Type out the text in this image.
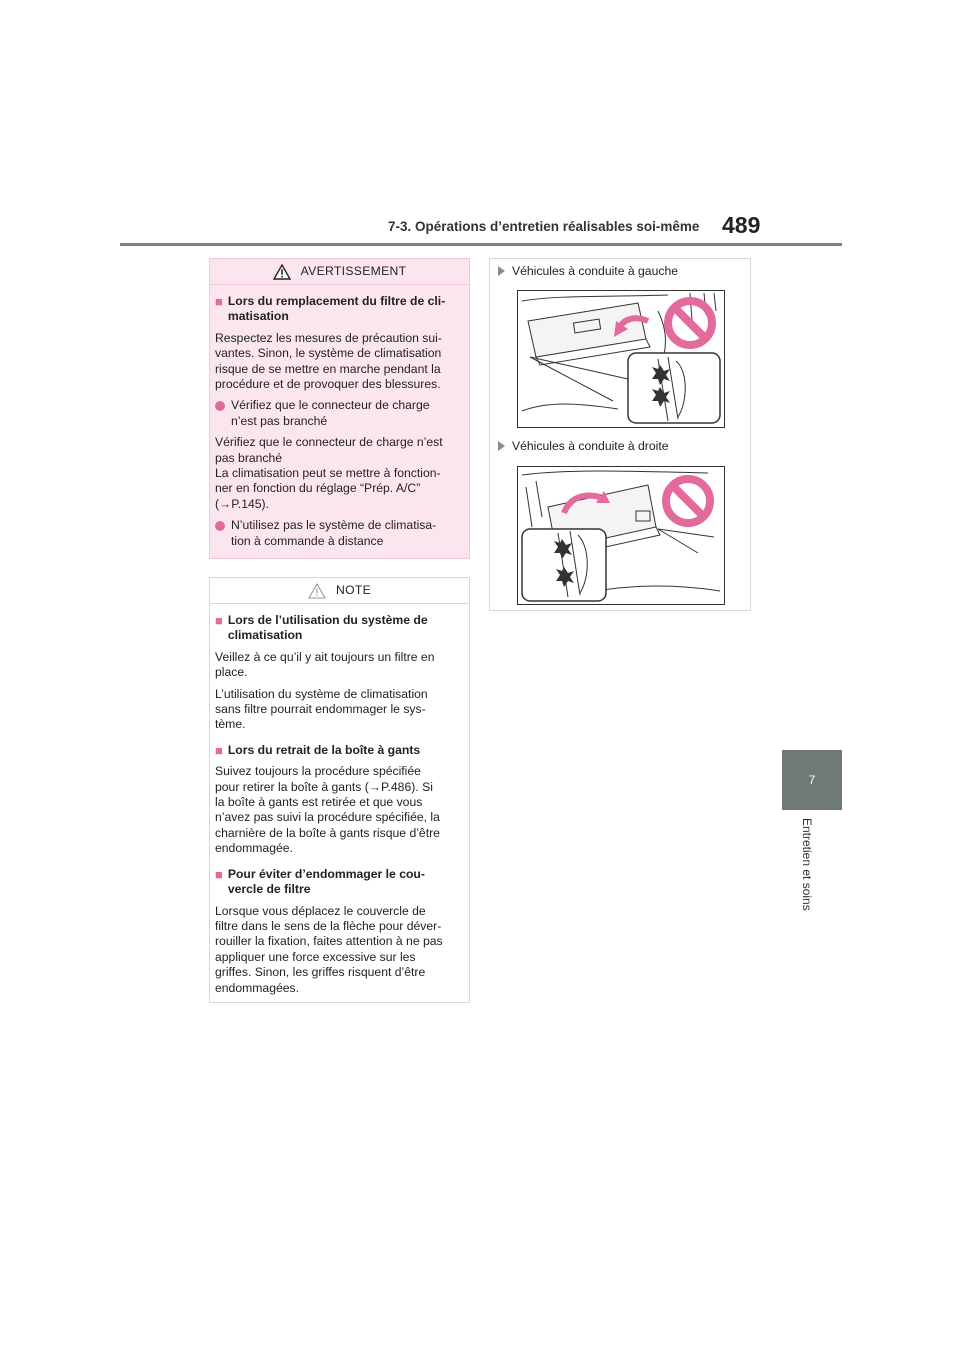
7-3. Opérations d’entretien réalisables soi-même 489
7
Entretien et soins
AVERTISSEMENT
■ Lors du remplacement du filtre de cli-
matisation

Respectez les mesures de précaution sui-
vantes. Sinon, le système de climatisation
risque de se mettre en marche pendant la
procédure et de provoquer des blessures.

Vérifiez que le connecteur de charge
n’est pas branché

Vérifiez que le connecteur de charge n’est
pas branché
La climatisation peut se mettre à fonction-
ner en fonction du réglage “Prép. A/C”
(→P.145).

N’utilisez pas le système de climatisa-
tion à commande à distance
NOTE
■ Lors de l’utilisation du système de
climatisation

Veillez à ce qu’il y ait toujours un filtre en
place.

L’utilisation du système de climatisation
sans filtre pourrait endommager le sys-
tème.

■ Lors du retrait de la boîte à gants

Suivez toujours la procédure spécifiée
pour retirer la boîte à gants (→P.486). Si
la boîte à gants est retirée et que vous
n’avez pas suivi la procédure spécifiée, la
charnière de la boîte à gants risque d’être
endommagée.

■ Pour éviter d’endommager le cou-
vercle de filtre

Lorsque vous déplacez le couvercle de
filtre dans le sens de la flèche pour déver-
rouiller la fixation, faites attention à ne pas
appliquer une force excessive sur les
griffes. Sinon, les griffes risquent d’être
endommagées.

Véhicules à conduite à gauche
Véhicules à conduite à droite
